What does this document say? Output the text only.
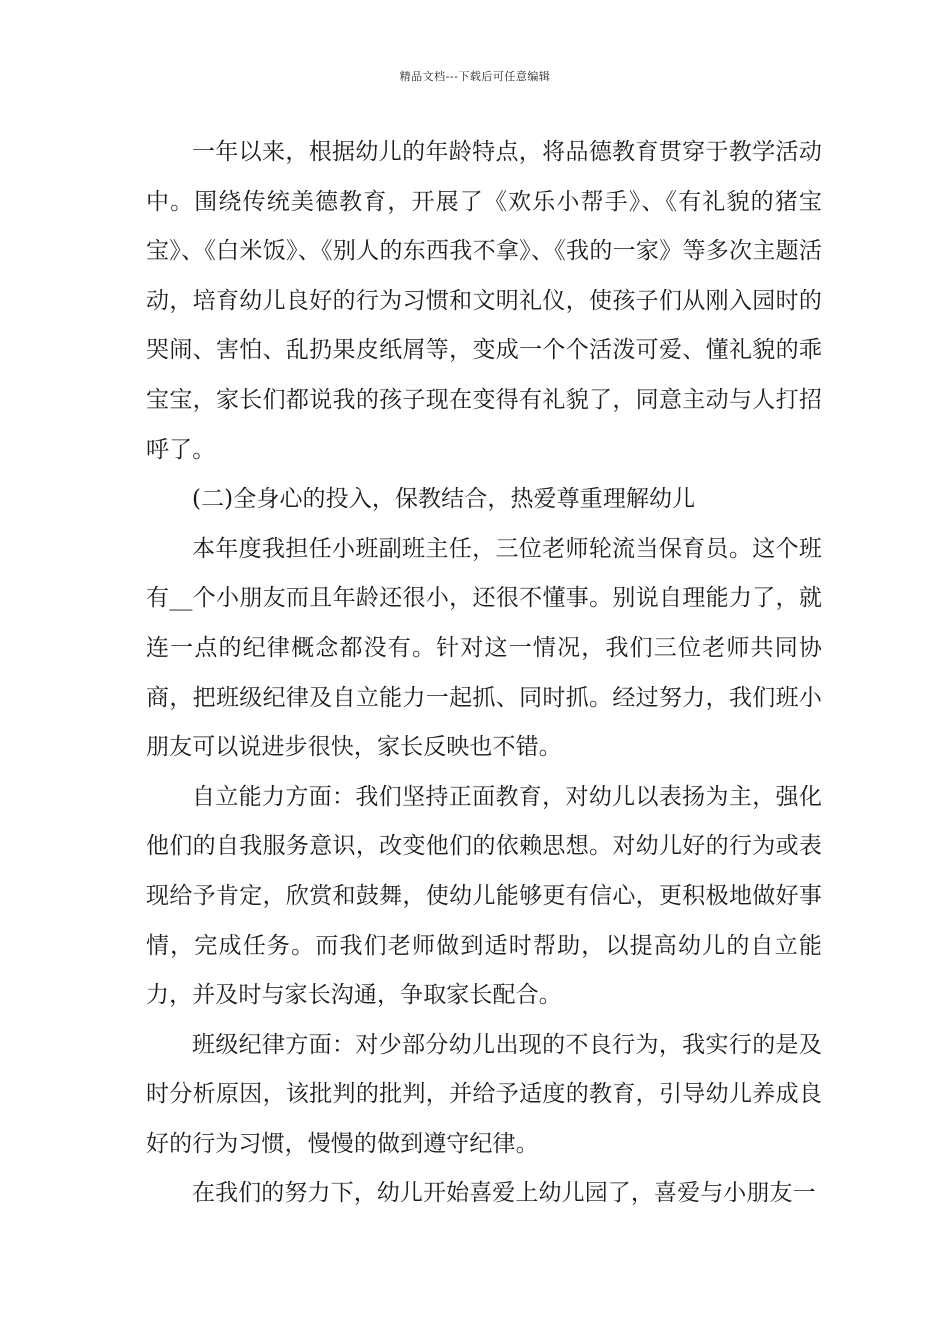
精品文档---下载后可任意编辑

一年以来，根据幼儿的年龄特点，将品德教育贯穿于教学活动中。围绕传统美德教育，开展了《欢乐小帮手》、《有礼貌的猪宝宝》、《白米饭》、《别人的东西我不拿》、《我的一家》等多次主题活动，培育幼儿良好的行为习惯和文明礼仪，使孩子们从刚入园时的哭闹、害怕、乱扔果皮纸屑等，变成一个个活泼可爱、懂礼貌的乖宝宝，家长们都说我的孩子现在变得有礼貌了，同意主动与人打招呼了。

(二)全身心的投入，保教结合，热爱尊重理解幼儿

本年度我担任小班副班主任，三位老师轮流当保育员。这个班有__个小朋友而且年龄还很小，还很不懂事。别说自理能力了，就连一点的纪律概念都没有。针对这一情况，我们三位老师共同协商，把班级纪律及自立能力一起抓、同时抓。经过努力，我们班小朋友可以说进步很快，家长反映也不错。

自立能力方面：我们坚持正面教育，对幼儿以表扬为主，强化他们的自我服务意识，改变他们的依赖思想。对幼儿好的行为或表现给予肯定，欣赏和鼓舞，使幼儿能够更有信心，更积极地做好事情，完成任务。而我们老师做到适时帮助，以提高幼儿的自立能力，并及时与家长沟通，争取家长配合。

班级纪律方面：对少部分幼儿出现的不良行为，我实行的是及时分析原因，该批判的批判，并给予适度的教育，引导幼儿养成良好的行为习惯，慢慢的做到遵守纪律。

在我们的努力下，幼儿开始喜爱上幼儿园了，喜爱与小朋友一
